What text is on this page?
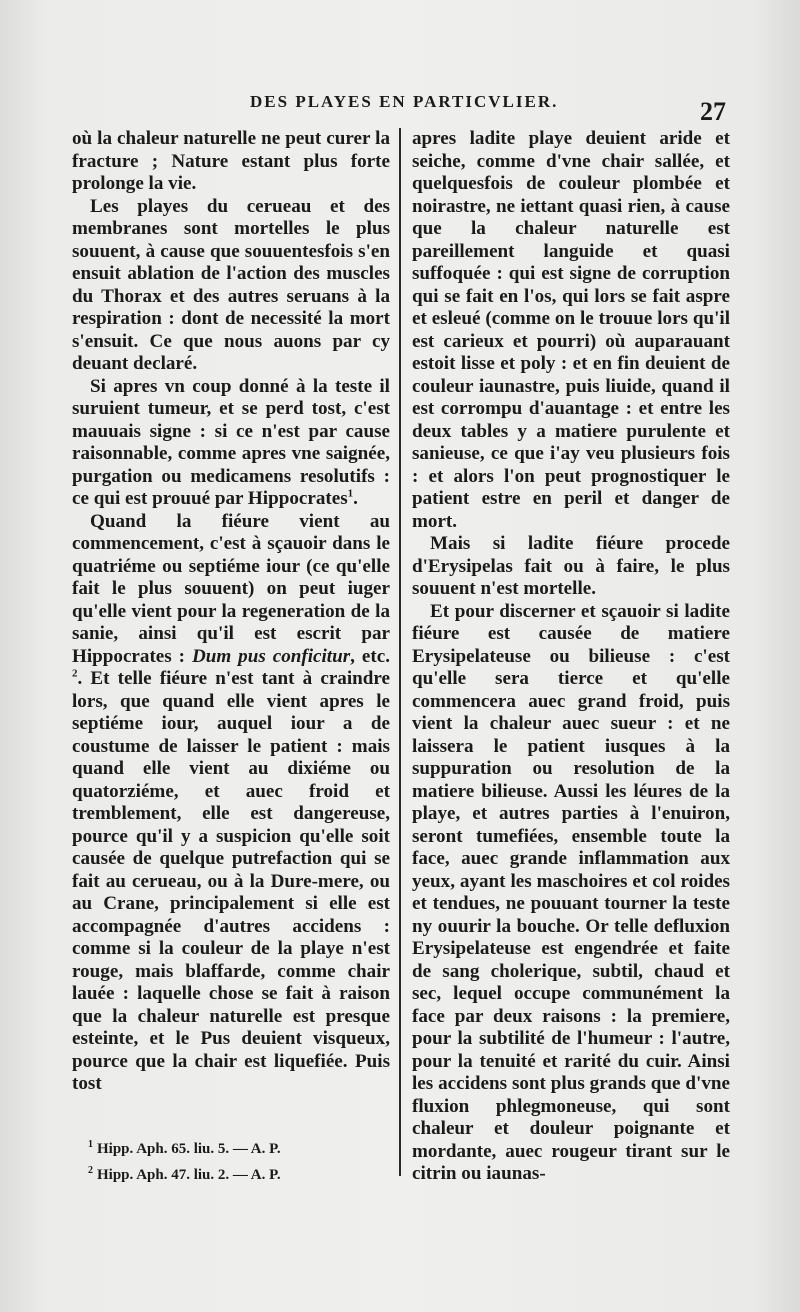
DES PLAYES EN PARTICVLIER.	27

où la chaleur naturelle ne peut curer la fracture ; Nature estant plus forte prolonge la vie.

Les playes du cerueau et des membranes sont mortelles le plus souuent, à cause que souuentesfois s'en ensuit ablation de l'action des muscles du Thorax et des autres seruans à la respiration : dont de necessité la mort s'ensuit. Ce que nous auons par cy deuant declaré.

Si apres vn coup donné à la teste il suruient tumeur, et se perd tost, c'est mauuais signe : si ce n'est par cause raisonnable, comme apres vne saignée, purgation ou medicamens resolutifs : ce qui est prouué par Hippocrates$^1$.

Quand la fiéure vient au commencement, c'est à sçauoir dans le quatriéme ou septiéme iour (ce qu'elle fait le plus souuent) on peut iuger qu'elle vient pour la regeneration de la sanie, ainsi qu'il est escrit par Hippocrates : Dum pus conficitur, etc. $^2$. Et telle fiéure n'est tant à craindre lors, que quand elle vient apres le septiéme iour, auquel iour a de coustume de laisser le patient : mais quand elle vient au dixiéme ou quatorziéme, et auec froid et tremblement, elle est dangereuse, pource qu'il y a suspicion qu'elle soit causée de quelque putrefaction qui se fait au cerueau, ou à la Dure-mere, ou au Crane, principalement si elle est accompagnée d'autres accidens : comme si la couleur de la playe n'est rouge, mais blaffarde, comme chair lauée : laquelle chose se fait à raison que la chaleur naturelle est presque esteinte, et le Pus deuient visqueux, pource que la chair est liquefiée. Puis tost

apres ladite playe deuient aride et seiche, comme d'vne chair sallée, et quelquesfois de couleur plombée et noirastre, ne iettant quasi rien, à cause que la chaleur naturelle est pareillement languide et quasi suffoquée : qui est signe de corruption qui se fait en l'os, qui lors se fait aspre et esleué (comme on le trouue lors qu'il est carieux et pourri) où auparauant estoit lisse et poly : et en fin deuient de couleur iaunastre, puis liuide, quand il est corrompu d'auantage : et entre les deux tables y a matiere purulente et sanieuse, ce que i'ay veu plusieurs fois : et alors l'on peut prognostiquer le patient estre en peril et danger de mort.

Mais si ladite fiéure procede d'Erysipelas fait ou à faire, le plus souuent n'est mortelle.

Et pour discerner et sçauoir si ladite fiéure est causée de matiere Erysipelateuse ou bilieuse : c'est qu'elle sera tierce et qu'elle commencera auec grand froid, puis vient la chaleur auec sueur : et ne laissera le patient iusques à la suppuration ou resolution de la matiere bilieuse. Aussi les léures de la playe, et autres parties à l'enuiron, seront tumefiées, ensemble toute la face, auec grande inflammation aux yeux, ayant les maschoires et col roides et tendues, ne pouuant tourner la teste ny ouurir la bouche. Or telle defluxion Erysipelateuse est engendrée et faite de sang cholerique, subtil, chaud et sec, lequel occupe communément la face par deux raisons : la premiere, pour la subtilité de l'humeur : l'autre, pour la tenuité et rarité du cuir. Ainsi les accidens sont plus grands que d'vne fluxion phlegmoneuse, qui sont chaleur et douleur poignante et mordante, auec rougeur tirant sur le citrin ou iaunas-

$^1$ Hipp. Aph. 65. liu. 5. — A. P.
$^2$ Hipp. Aph. 47. liu. 2. — A. P.
